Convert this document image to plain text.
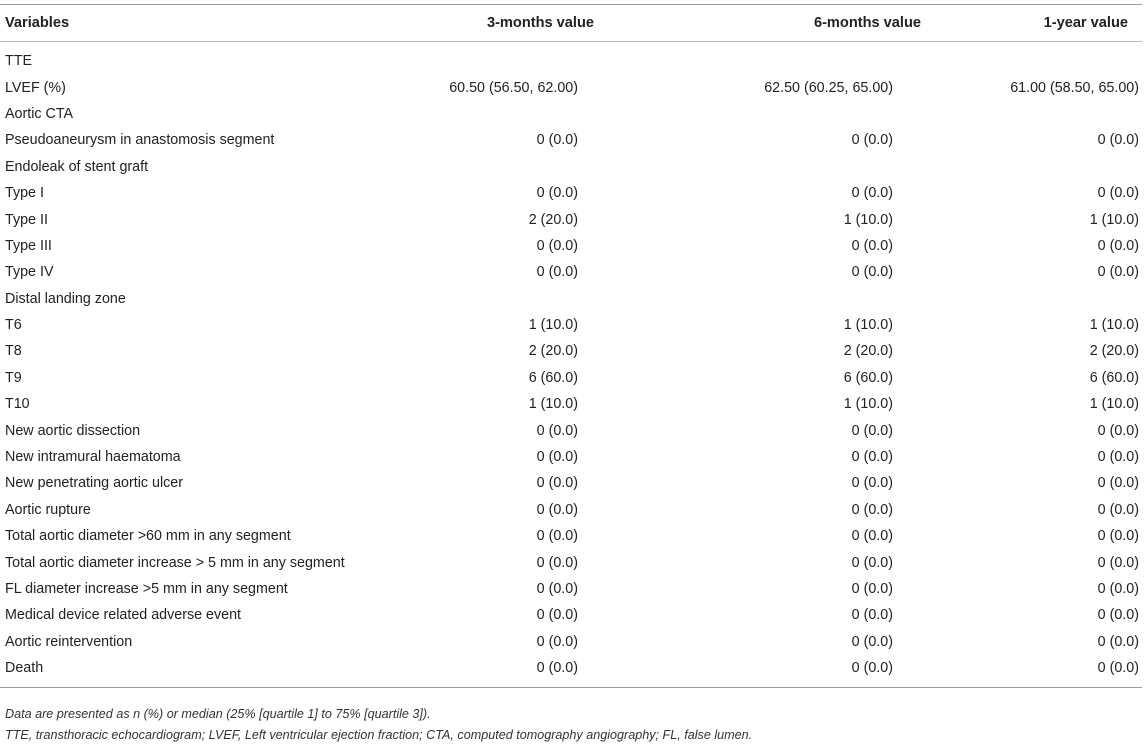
Variables	3-months value	6-months value	1-year value
TTE
LVEF (%)	60.50 (56.50, 62.00)	62.50 (60.25, 65.00)	61.00 (58.50, 65.00)
Aortic CTA
Pseudoaneurysm in anastomosis segment	0 (0.0)	0 (0.0)	0 (0.0)
Endoleak of stent graft
Type I	0 (0.0)	0 (0.0)	0 (0.0)
Type II	2 (20.0)	1 (10.0)	1 (10.0)
Type III	0 (0.0)	0 (0.0)	0 (0.0)
Type IV	0 (0.0)	0 (0.0)	0 (0.0)
Distal landing zone
T6	1 (10.0)	1 (10.0)	1 (10.0)
T8	2 (20.0)	2 (20.0)	2 (20.0)
T9	6 (60.0)	6 (60.0)	6 (60.0)
T10	1 (10.0)	1 (10.0)	1 (10.0)
New aortic dissection	0 (0.0)	0 (0.0)	0 (0.0)
New intramural haematoma	0 (0.0)	0 (0.0)	0 (0.0)
New penetrating aortic ulcer	0 (0.0)	0 (0.0)	0 (0.0)
Aortic rupture	0 (0.0)	0 (0.0)	0 (0.0)
Total aortic diameter >60 mm in any segment	0 (0.0)	0 (0.0)	0 (0.0)
Total aortic diameter increase > 5 mm in any segment	0 (0.0)	0 (0.0)	0 (0.0)
FL diameter increase >5 mm in any segment	0 (0.0)	0 (0.0)	0 (0.0)
Medical device related adverse event	0 (0.0)	0 (0.0)	0 (0.0)
Aortic reintervention	0 (0.0)	0 (0.0)	0 (0.0)
Death	0 (0.0)	0 (0.0)	0 (0.0)
Data are presented as n (%) or median (25% [quartile 1] to 75% [quartile 3]).
TTE, transthoracic echocardiogram; LVEF, Left ventricular ejection fraction; CTA, computed tomography angiography; FL, false lumen.
